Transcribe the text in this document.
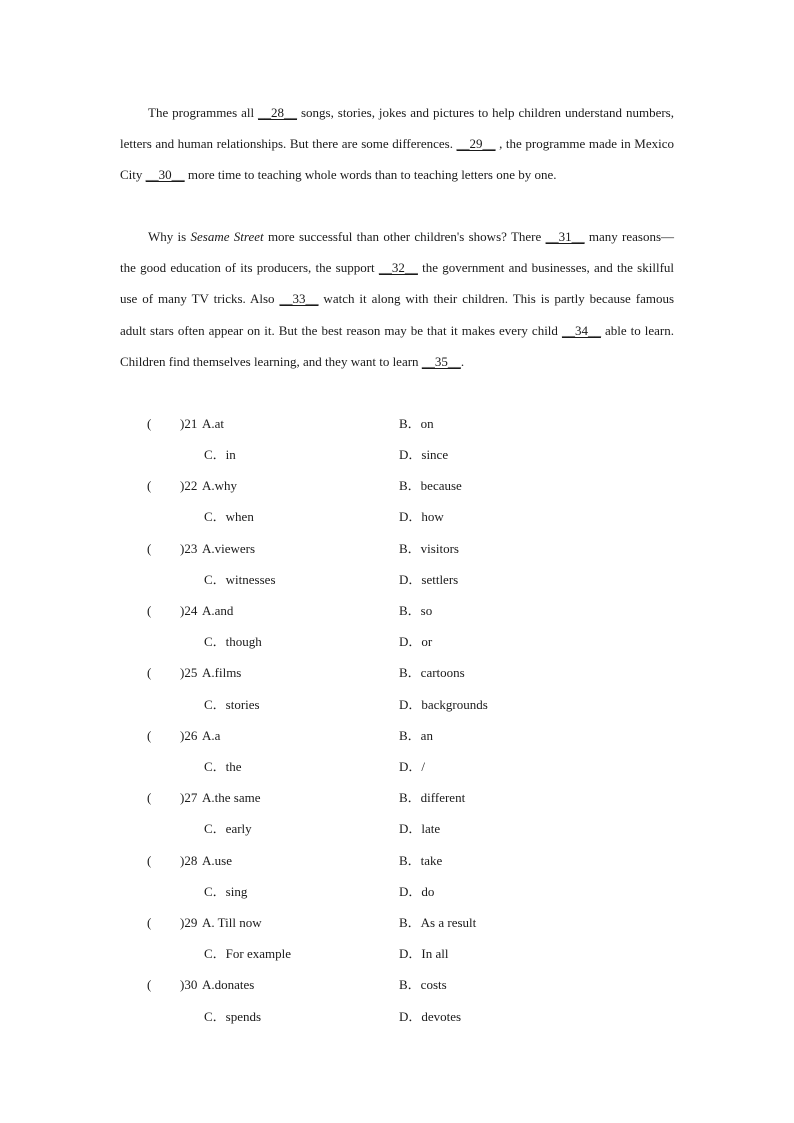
The programmes all __28__ songs, stories, jokes and pictures to help children understand numbers, letters and human relationships. But there are some differences. __29__ , the programme made in Mexico City __30__ more time to teaching whole words than to teaching letters one by one.

Why is Sesame Street more successful than other children's shows? There __31__ many reasons—the good education of its producers, the support __32__ the government and businesses, and the skillful use of many TV tricks. Also __33__ watch it along with their children. This is partly because famous adult stars often appear on it. But the best reason may be that it makes every child __34__ able to learn. Children find themselves learning, and they want to learn __35__.

( )21 A.at	B．on
C．in	D．since
( )22 A.why	B．because
C．when	D．how
( )23 A.viewers	B．visitors
C．witnesses	D．settlers
( )24 A.and	B．so
C．though	D．or
( )25 A.films	B．cartoons
C．stories	D．backgrounds
( )26 A.a	B．an
C．the	D．/
( )27 A.the same	B．different
C．early	D．late
( )28 A.use	B．take
C．sing	D．do
( )29 A. Till now	B．As a result
C．For example	D．In all
( )30 A.donates	B．costs
C．spends	D．devotes
